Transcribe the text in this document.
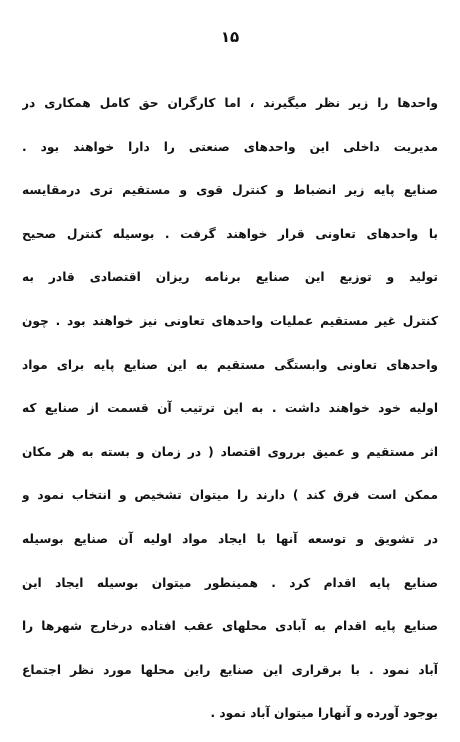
۱۵
واحدها را زیر نظر میگیرند ، اما کارگران حق کامل همکاری در
مدیریت داخلی این واحدهای صنعتی را دارا خواهند بود .
صنایع پایه زیر انضباط و کنترل قوی و مستقیم تری درمقایسه
با واحدهای تعاونی قرار خواهند گرفت . بوسیله کنترل صحیح
تولید و توزیع این صنایع برنامه ریزان اقتصادی قادر به
کنترل غیر مستقیم عملیات واحدهای تعاونی نیز خواهند بود . چون
واحدهای تعاونی وابستگی مستقیم به این صنایع پایه برای مواد
اولیه خود خواهند داشت . به این ترتیب آن قسمت از صنایع که
اثر مستقیم و عمیق برروی اقتصاد ( در زمان و بسته به هر مکان
ممکن است فرق کند ) دارند را میتوان تشخیص و انتخاب نمود و
در تشویق و توسعه آنها با ایجاد مواد اولیه آن صنایع بوسیله
صنایع پایه اقدام کرد . همینطور میتوان بوسیله ایجاد این
صنایع پایه اقدام به آبادی محلهای عقب افتاده درخارج شهرها را
آباد نمود . با برقراری این صنایع راین محلها مورد نظر اجتماع
بوجود آورده و آنهارا میتوان آباد نمود .
